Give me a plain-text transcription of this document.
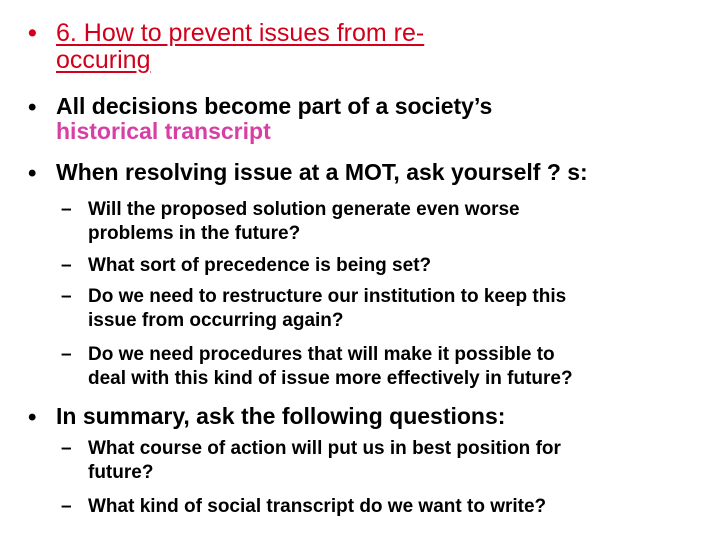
• 6. How to prevent issues from re-
occuring
• All decisions become part of a society’s
historical transcript
• When resolving issue at a MOT, ask yourself ? s:
– Will the proposed solution generate even worse
problems in the future?
– What sort of precedence is being set?
– Do we need to restructure our institution to keep this
issue from occurring again?
– Do we need procedures that will make it possible to
deal with this kind of issue more effectively in future?
• In summary, ask the following questions:
– What course of action will put us in best position for
future?
– What kind of social transcript do we want to write?
